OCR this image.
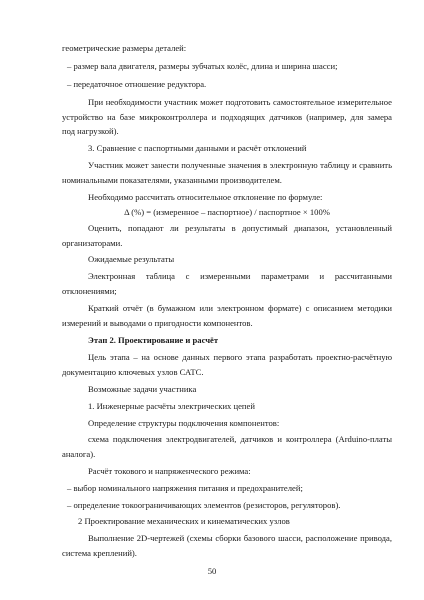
геометрические размеры деталей:
– размер вала двигателя, размеры зубчатых колёс, длина и ширина шасси;
– передаточное отношение редуктора.
При необходимости участник может подготовить самостоятельное измерительное
устройство на базе микроконтроллера и подходящих датчиков (например, для замера
под нагрузкой).
3. Сравнение с паспортными данными и расчёт отклонений
Участник может занести полученные значения в электронную таблицу и сравнить
номинальными показателями, указанными производителем.
Необходимо рассчитать относительное отклонение по формуле:
Δ (%) = (измеренное – паспортное) / паспортное × 100%
Оценить, попадают ли результаты в допустимый диапазон, установленный
организаторами.
Ожидаемые результаты
Электронная таблица с измеренными параметрами и рассчитанными
отклонениями;
Краткий отчёт (в бумажном или электронном формате) с описанием методики
измерений и выводами о пригодности компонентов.
Этап 2. Проектирование и расчёт
Цель этапа – на основе данных первого этапа разработать проектно-расчётную
документацию ключевых узлов САТС.
Возможные задачи участника
1. Инженерные расчёты электрических цепей
Определение структуры подключения компонентов:
схема подключения электродвигателей, датчиков и контроллера (Arduino-платы
аналога).
Расчёт токового и напряженческого режима:
– выбор номинального напряжения питания и предохранителей;
– определение токоограничивающих элементов (резисторов, регуляторов).
2 Проектирование механических и кинематических узлов
Выполнение 2D-чертежей (схемы сборки базового шасси, расположение привода,
система креплений).
50
